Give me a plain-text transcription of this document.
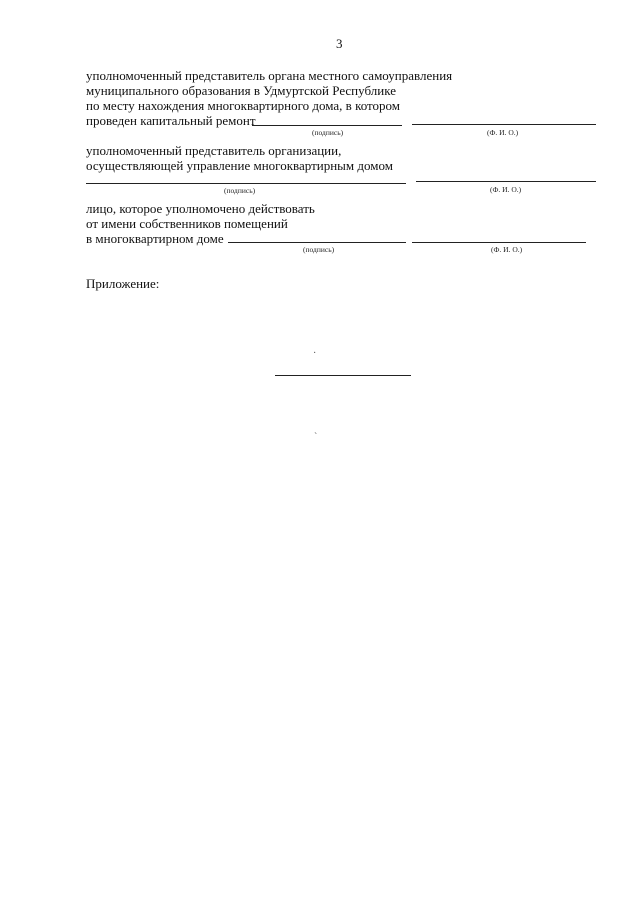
3
уполномоченный представитель органа местного самоуправления
муниципального образования в Удмуртской Республике
по месту нахождения многоквартирного дома, в котором
проведен капитальный ремонт
(подпись)	(Ф. И. О.)
уполномоченный представитель организации,
осуществляющей управление многоквартирным домом
(подпись)	(Ф. И. О.)
лицо, которое уполномочено действовать
от имени собственников помещений
в многоквартирном доме
(подпись)	(Ф. И. О.)
Приложение:
·
`
